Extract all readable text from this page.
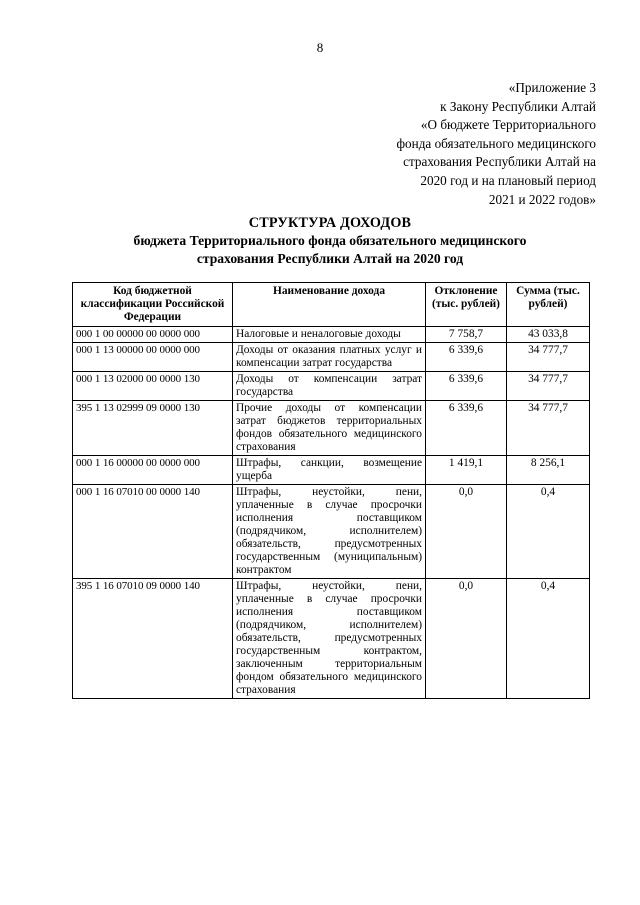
8
«Приложение 3
к Закону Республики Алтай
«О бюджете Территориального
фонда обязательного медицинского
страхования Республики Алтай на
2020 год и на плановый период
2021 и 2022 годов»
СТРУКТУРА ДОХОДОВ
бюджета Территориального фонда обязательного медицинского
страхования Республики Алтай на 2020 год
Код бюджетной классификации Российской Федерации	Наименование дохода	Отклонение (тыс. рублей)	Сумма (тыс. рублей)
000 1 00 00000 00 0000 000	Налоговые и неналоговые доходы	7 758,7	43 033,8
000 1 13 00000 00 0000 000	Доходы от оказания платных услуг и компенсации затрат государства	6 339,6	34 777,7
000 1 13 02000 00 0000 130	Доходы от компенсации затрат государства	6 339,6	34 777,7
395 1 13 02999 09 0000 130	Прочие доходы от компенсации затрат бюджетов территориальных фондов обязательного медицинского страхования	6 339,6	34 777,7
000 1 16 00000 00 0000 000	Штрафы, санкции, возмещение ущерба	1 419,1	8 256,1
000 1 16 07010 00 0000 140	Штрафы, неустойки, пени, уплаченные в случае просрочки исполнения поставщиком (подрядчиком, исполнителем) обязательств, предусмотренных государственным (муниципальным) контрактом	0,0	0,4
395 1 16 07010 09 0000 140	Штрафы, неустойки, пени, уплаченные в случае просрочки исполнения поставщиком (подрядчиком, исполнителем) обязательств, предусмотренных государственным контрактом, заключенным территориальным фондом обязательного медицинского страхования	0,0	0,4
